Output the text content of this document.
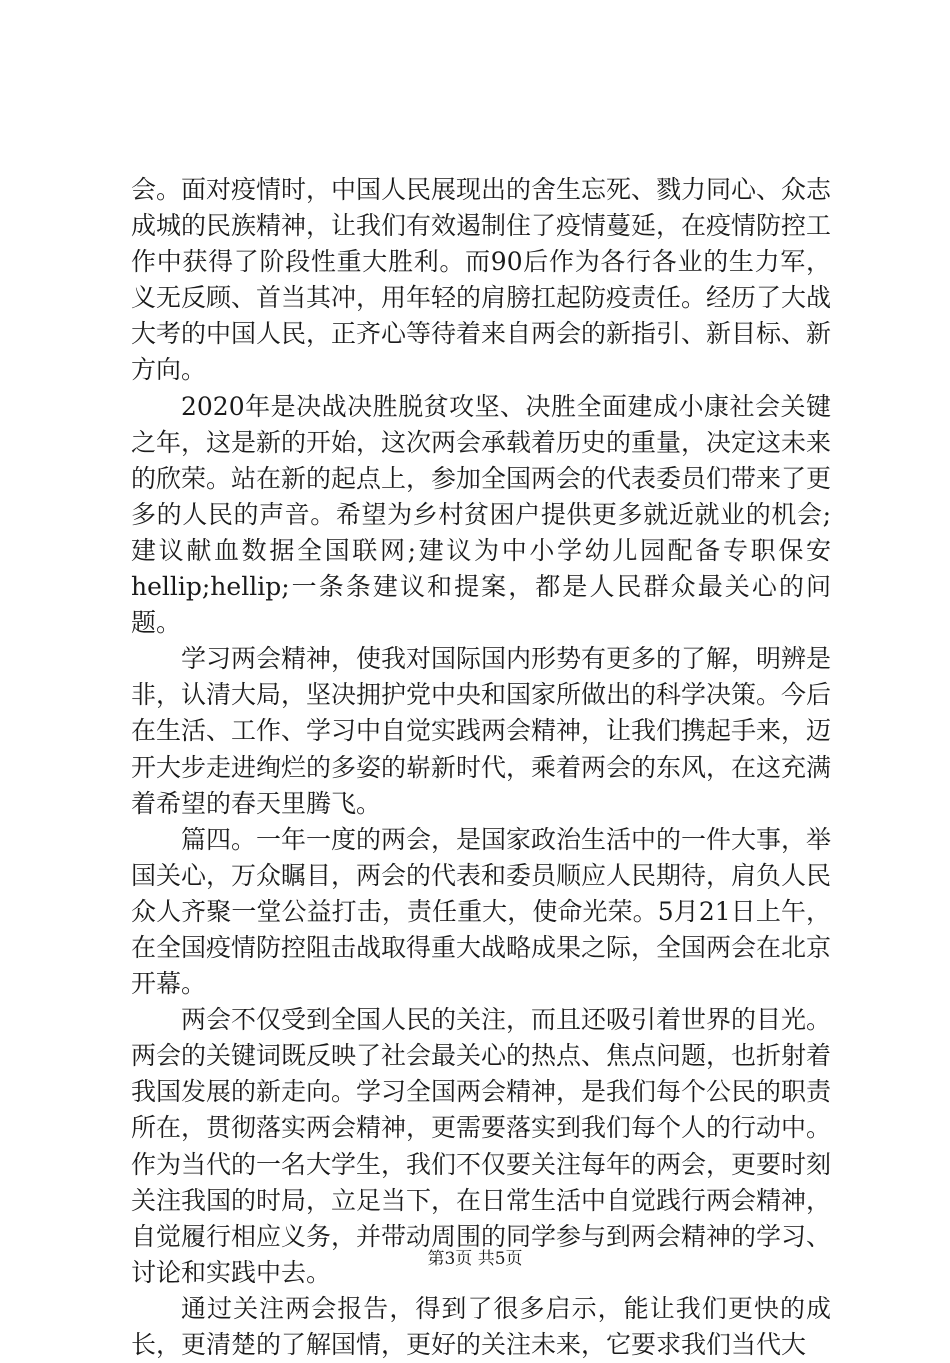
会。面对疫情时，中国人民展现出的舍生忘死、戮力同心、众志成城的民族精神，让我们有效遏制住了疫情蔓延，在疫情防控工作中获得了阶段性重大胜利。而90后作为各行各业的生力军，义无反顾、首当其冲，用年轻的肩膀扛起防疫责任。经历了大战大考的中国人民，正齐心等待着来自两会的新指引、新目标、新方向。

2020年是决战决胜脱贫攻坚、决胜全面建成小康社会关键之年，这是新的开始，这次两会承载着历史的重量，决定这未来的欣荣。站在新的起点上，参加全国两会的代表委员们带来了更多的人民的声音。希望为乡村贫困户提供更多就近就业的机会;建议献血数据全国联网;建议为中小学幼儿园配备专职保安hellip;hellip;一条条建议和提案，都是人民群众最关心的问题。

学习两会精神，使我对国际国内形势有更多的了解，明辨是非，认清大局，坚决拥护党中央和国家所做出的科学决策。今后在生活、工作、学习中自觉实践两会精神，让我们携起手来，迈开大步走进绚烂的多姿的崭新时代，乘着两会的东风，在这充满着希望的春天里腾飞。

篇四。一年一度的两会，是国家政治生活中的一件大事，举国关心，万众瞩目，两会的代表和委员顺应人民期待，肩负人民众人齐聚一堂公益打击，责任重大，使命光荣。5月21日上午，在全国疫情防控阻击战取得重大战略成果之际，全国两会在北京开幕。

两会不仅受到全国人民的关注，而且还吸引着世界的目光。两会的关键词既反映了社会最关心的热点、焦点问题，也折射着我国发展的新走向。学习全国两会精神，是我们每个公民的职责所在，贯彻落实两会精神，更需要落实到我们每个人的行动中。作为当代的一名大学生，我们不仅要关注每年的两会，更要时刻关注我国的时局，立足当下，在日常生活中自觉践行两会精神，自觉履行相应义务，并带动周围的同学参与到两会精神的学习、讨论和实践中去。

通过关注两会报告，得到了很多启示，能让我们更快的成长，更清楚的了解国情，更好的关注未来，它要求我们当代大

第3页 共5页
